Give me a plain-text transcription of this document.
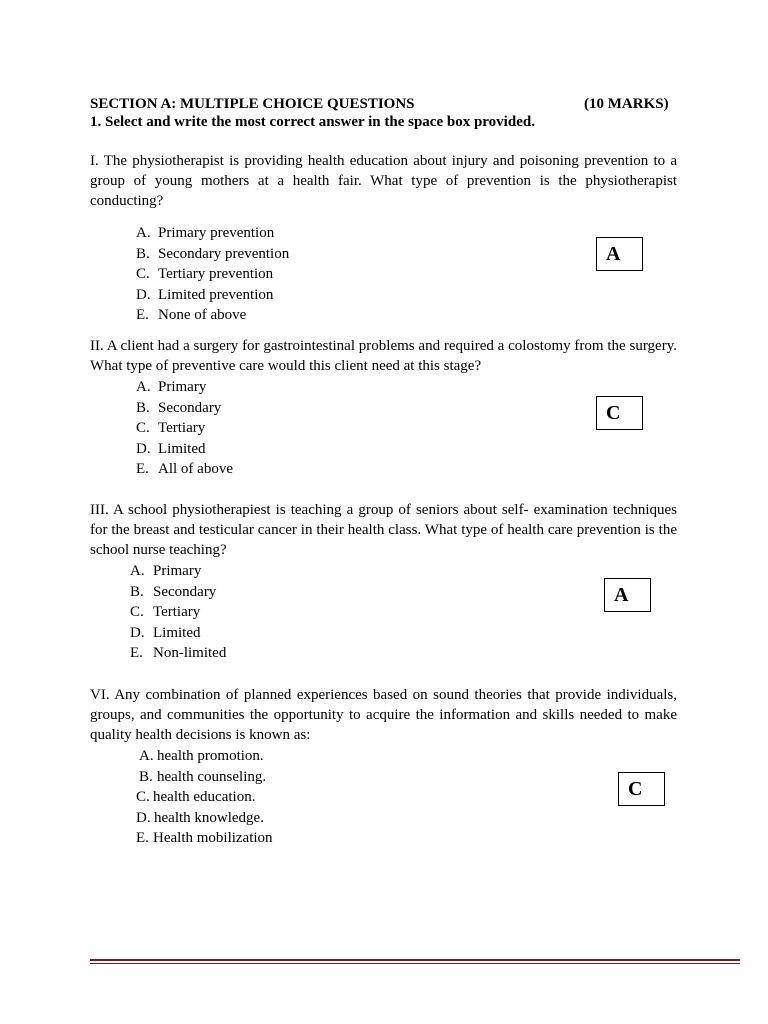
SECTION A: MULTIPLE CHOICE QUESTIONS	(10 MARKS)
1. Select and write the most correct answer in the space box provided.
I. The physiotherapist is providing health education about injury and poisoning prevention to a group of young mothers at a health fair. What type of prevention is the physiotherapist conducting?
A. Primary prevention
B. Secondary prevention
C. Tertiary prevention
D. Limited prevention
E. None of above
A
II. A client had a surgery for gastrointestinal problems and required a colostomy from the surgery. What type of preventive care would this client need at this stage?
A. Primary
B. Secondary
C. Tertiary
D. Limited
E. All of above
C
III. A school physiotherapiest is teaching a group of seniors about self- examination techniques for the breast and testicular cancer in their health class. What type of health care prevention is the school nurse teaching?
A. Primary
B. Secondary
C. Tertiary
D. Limited
E. Non-limited
A
VI. Any combination of planned experiences based on sound theories that provide individuals, groups, and communities the opportunity to acquire the information and skills needed to make quality health decisions is known as:
A. health promotion.
B. health counseling.
C. health education.
D. health knowledge.
E. Health mobilization
C
